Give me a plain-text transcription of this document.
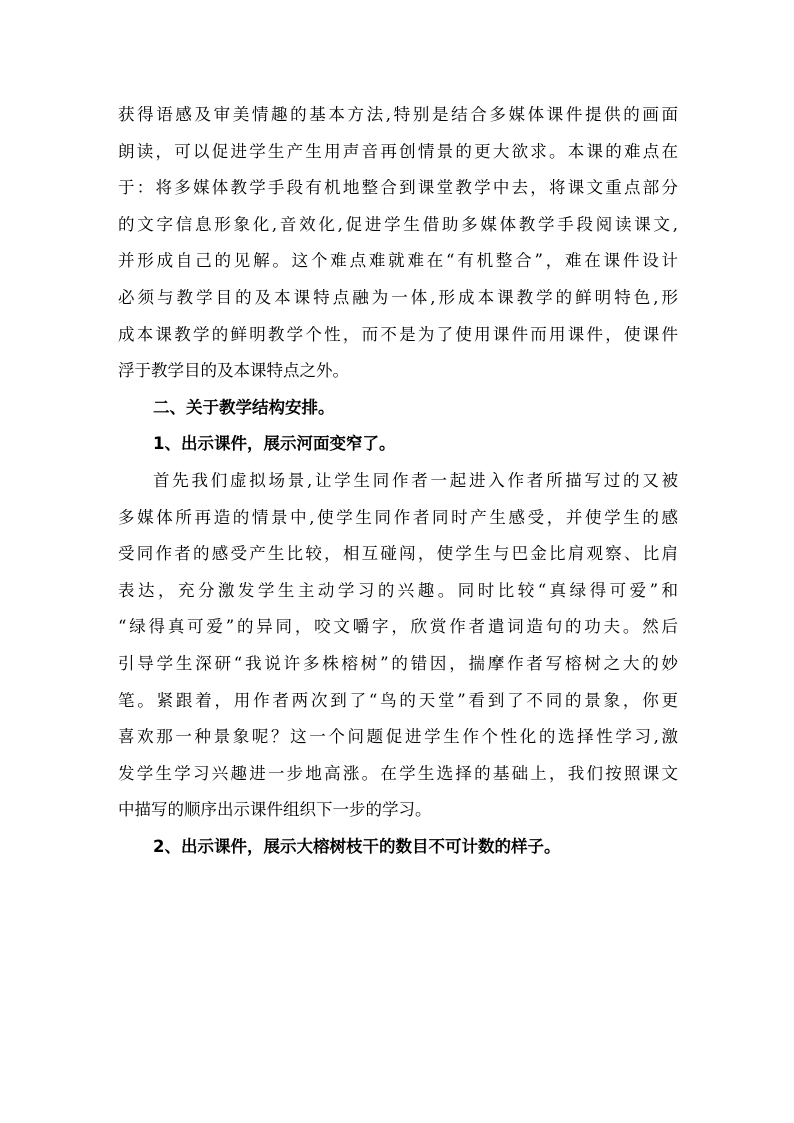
获得语感及审美情趣的基本方法,特别是结合多媒体课件提供的画面
朗读，可以促进学生产生用声音再创情景的更大欲求。本课的难点在
于：将多媒体教学手段有机地整合到课堂教学中去，将课文重点部分
的文字信息形象化,音效化,促进学生借助多媒体教学手段阅读课文,
并形成自己的见解。这个难点难就难在“有机整合”，难在课件设计
必须与教学目的及本课特点融为一体,形成本课教学的鲜明特色,形
成本课教学的鲜明教学个性，而不是为了使用课件而用课件，使课件
浮于教学目的及本课特点之外。
二、关于教学结构安排。
1、出示课件，展示河面变窄了。
首先我们虚拟场景,让学生同作者一起进入作者所描写过的又被
多媒体所再造的情景中,使学生同作者同时产生感受，并使学生的感
受同作者的感受产生比较，相互碰闯，使学生与巴金比肩观察、比肩
表达，充分激发学生主动学习的兴趣。同时比较“真绿得可爱”和
“绿得真可爱”的异同，咬文嚼字，欣赏作者遣词造句的功夫。然后
引导学生深研“我说许多株榕树”的错因，揣摩作者写榕树之大的妙
笔。紧跟着，用作者两次到了“鸟的天堂”看到了不同的景象，你更
喜欢那一种景象呢？这一个问题促进学生作个性化的选择性学习,激
发学生学习兴趣进一步地高涨。在学生选择的基础上，我们按照课文
中描写的顺序出示课件组织下一步的学习。
2、出示课件，展示大榕树枝干的数目不可计数的样子。
